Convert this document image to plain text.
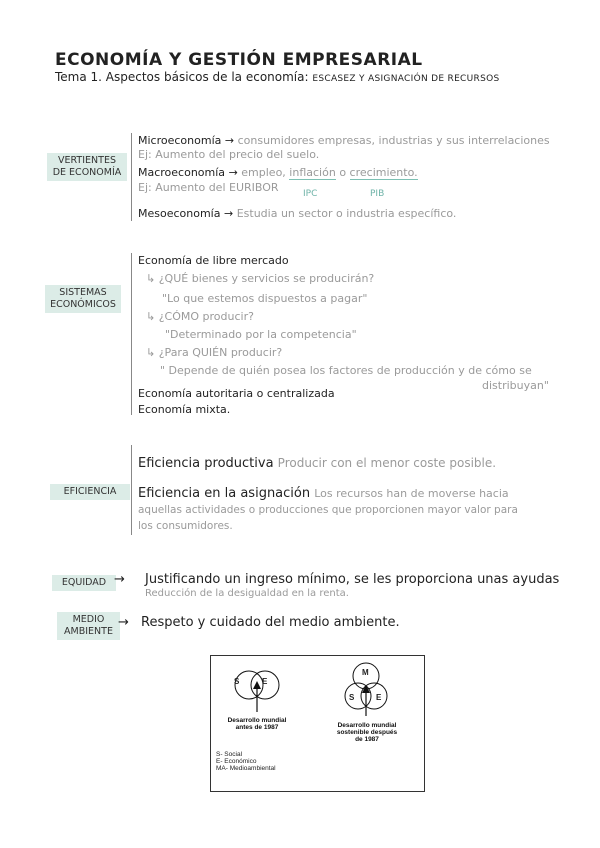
ECONOMÍA Y GESTIÓN EMPRESARIAL
Tema 1. Aspectos básicos de la economía: ESCASEZ Y ASIGNACIÓN DE RECURSOS
VERTIENTES DE ECONOMÍA
Microeconomía → consumidores empresas, industrias y sus interrelaciones
Ej: Aumento del precio del suelo.
Macroeconomía → empleo, inflación o crecimiento.
IPC	PIB
Ej: Aumento del EURIBOR
Mesoeconomía → Estudia un sector o industria específico.
SISTEMAS ECONÓMICOS
Economía de libre mercado
↳ ¿QUÉ bienes y servicios se producirán?
"Lo que estemos dispuestos a pagar"
↳ ¿CÓMO producir?
"Determinado por la competencia"
↳ ¿Para QUIÉN producir?
" Depende de quién posea los factores de producción y de cómo se
distribuyan"
Economía autoritaria o centralizada
Economía mixta.
EFICIENCIA
Eficiencia productiva Producir con el menor coste posible.
Eficiencia en la asignación Los recursos han de moverse hacia
aquellas actividades o producciones que proporcionen mayor valor para
los consumidores.
EQUIDAD → Justificando un ingreso mínimo, se les proporciona unas ayudas
Reducción de la desigualdad en la renta.
MEDIO AMBIENTE
→ Respeto y cuidado del medio ambiente.
S	E
M
S	E
Desarrollo mundial
antes de 1987	Desarrollo mundial
sostenible después
de 1987
S- Social
E- Económico
MA- Medioambiental
